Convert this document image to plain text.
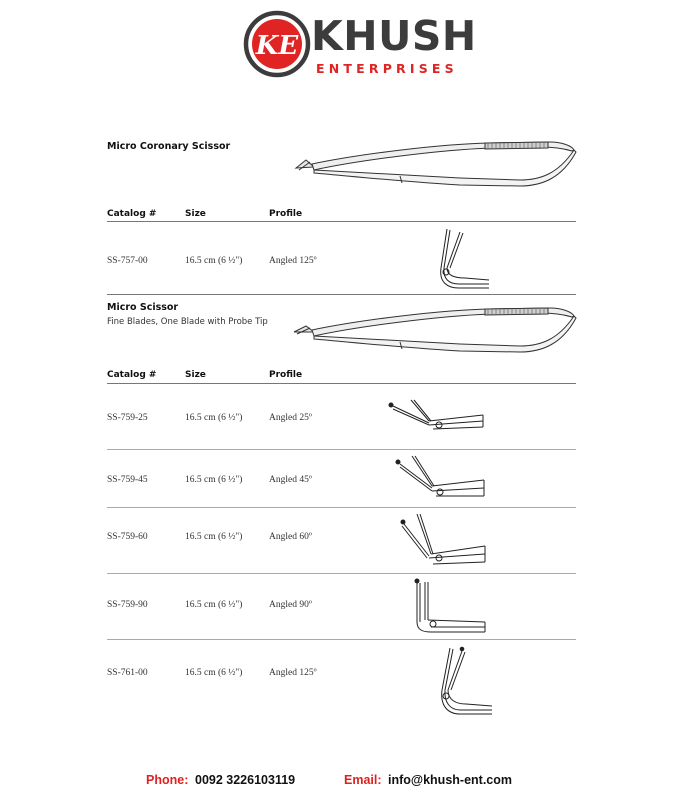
KE KHUSH
ENTERPRISES
Micro Coronary Scissor
Catalog #	Size	Profile
SS-757-00	16.5 cm (6 ½")	Angled 125º
Micro Scissor
Fine Blades, One Blade with Probe Tip
Catalog #	Size	Profile
SS-759-25	16.5 cm (6 ½")	Angled 25º
SS-759-45	16.5 cm (6 ½")	Angled 45º
SS-759-60	16.5 cm (6 ½")	Angled 60º
SS-759-90	16.5 cm (6 ½")	Angled 90º
SS-761-00	16.5 cm (6 ½")	Angled 125º
Phone: 0092 3226103119	Email: info@khush-ent.com
